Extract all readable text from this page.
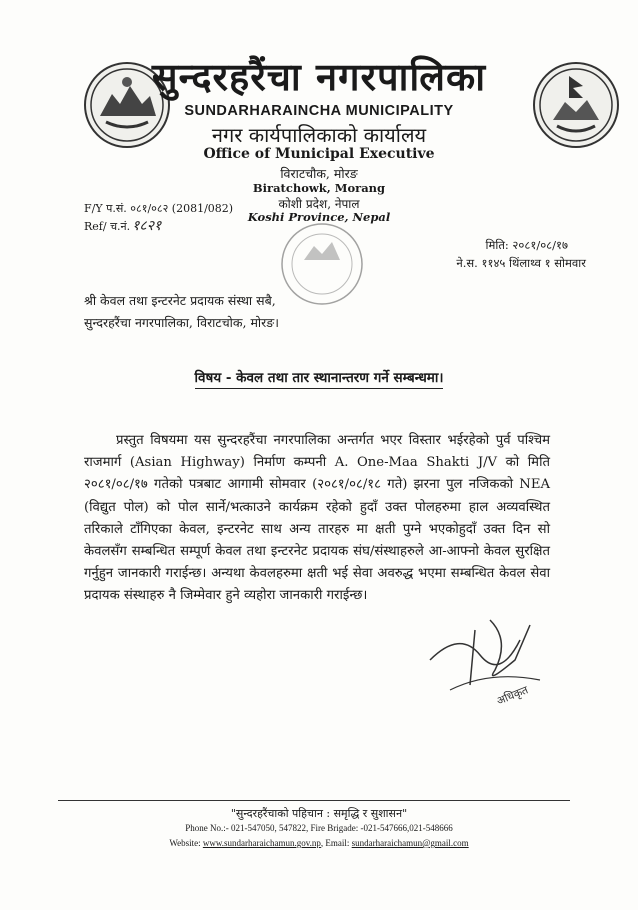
सुन्दरहरैंचा नगरपालिका
SUNDARHARAINCHA MUNICIPALITY
नगर कार्यपालिकाको कार्यालय
Office of Municipal Executive
विराटचौक, मोरङ
Biratchowk, Morang
कोशी प्रदेश, नेपाल
Koshi Province, Nepal
F/Y प.सं. ०८१/०८२ (2081/082)
Ref/ च.नं. १८२१
मिति: २०८१/०८/१७
ने.स. ११४५ थिंलाथ्व १ सोमवार
श्री केवल तथा इन्टरनेट प्रदायक संस्था सबै,
सुन्दरहरैंचा नगरपालिका, विराटचोक, मोरङ।
विषय - केवल तथा तार स्थानान्तरण गर्ने सम्बन्धमा।
प्रस्तुत विषयमा यस सुन्दरहरैंचा नगरपालिका अन्तर्गत भएर विस्तार भईरहेको पुर्व पश्चिम राजमार्ग (Asian Highway) निर्माण कम्पनी A. One-Maa Shakti J/V को मिति २०८१/०८/१७ गतेको पत्रबाट आगामी सोमवार (२०८१/०८/१८ गते) झरना पुल नजिकको NEA (विद्युत पोल) को पोल सार्ने/भत्काउने कार्यक्रम रहेको हुदाँ उक्त पोलहरुमा हाल अव्यवस्थित तरिकाले टाँगिएका केवल, इन्टरनेट साथ अन्य तारहरु मा क्षती पुग्ने भएकोहुदाँ उक्त दिन सो केवलसँग सम्बन्धित सम्पूर्ण केवल तथा इन्टरनेट प्रदायक संघ/संस्थाहरुले आ-आफ्नो केवल सुरक्षित गर्नुहुन जानकारी गराईन्छ। अन्यथा केवलहरुमा क्षती भई सेवा अवरुद्ध भएमा सम्बन्धित केवल सेवा प्रदायक संस्थाहरु नै जिम्मेवार हुने व्यहोरा जानकारी गराईन्छ।
अधिकृत
"सुन्दरहरैंचाको पहिचान : समृद्धि र सुशासन"
Phone No.:- 021-547050, 547822, Fire Brigade: -021-547666,021-548666
Website: www.sundarharaichamun.gov.np, Email: sundarharaichamun@gmail.com
